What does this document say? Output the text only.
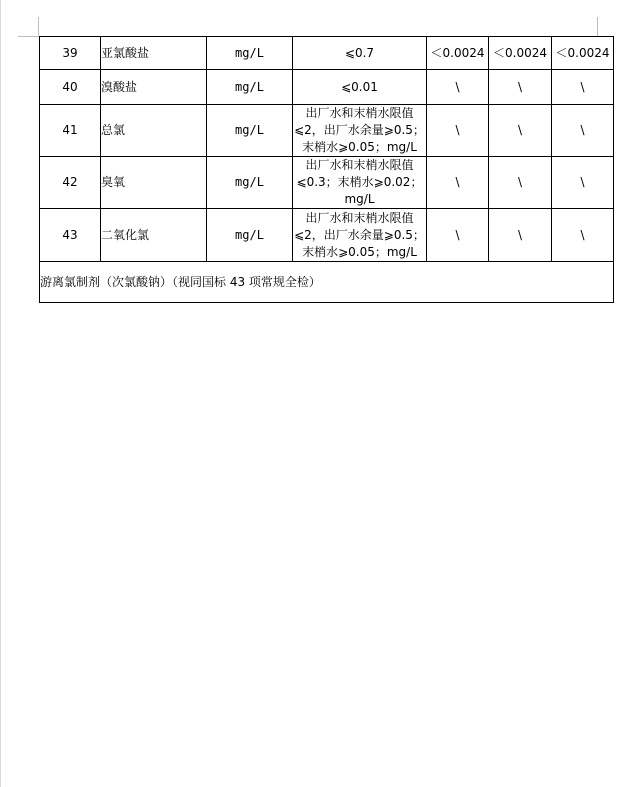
39	亚氯酸盐	mg/L	⩽0.7	＜0.0024	＜0.0024	＜0.0024
40	溴酸盐	mg/L	⩽0.01	\	\	\
41	总氯	mg/L	出厂水和末梢水限值⩽2，出厂水余量⩾0.5；末梢水⩾0.05；mg/L	\	\	\
42	臭氧	mg/L	出厂水和末梢水限值⩽0.3；末梢水⩾0.02；mg/L	\	\	\
43	二氧化氯	mg/L	出厂水和末梢水限值⩽2，出厂水余量⩾0.5；末梢水⩾0.05；mg/L	\	\	\
游离氯制剂（次氯酸钠）（视同国标 43 项常规全检）						
